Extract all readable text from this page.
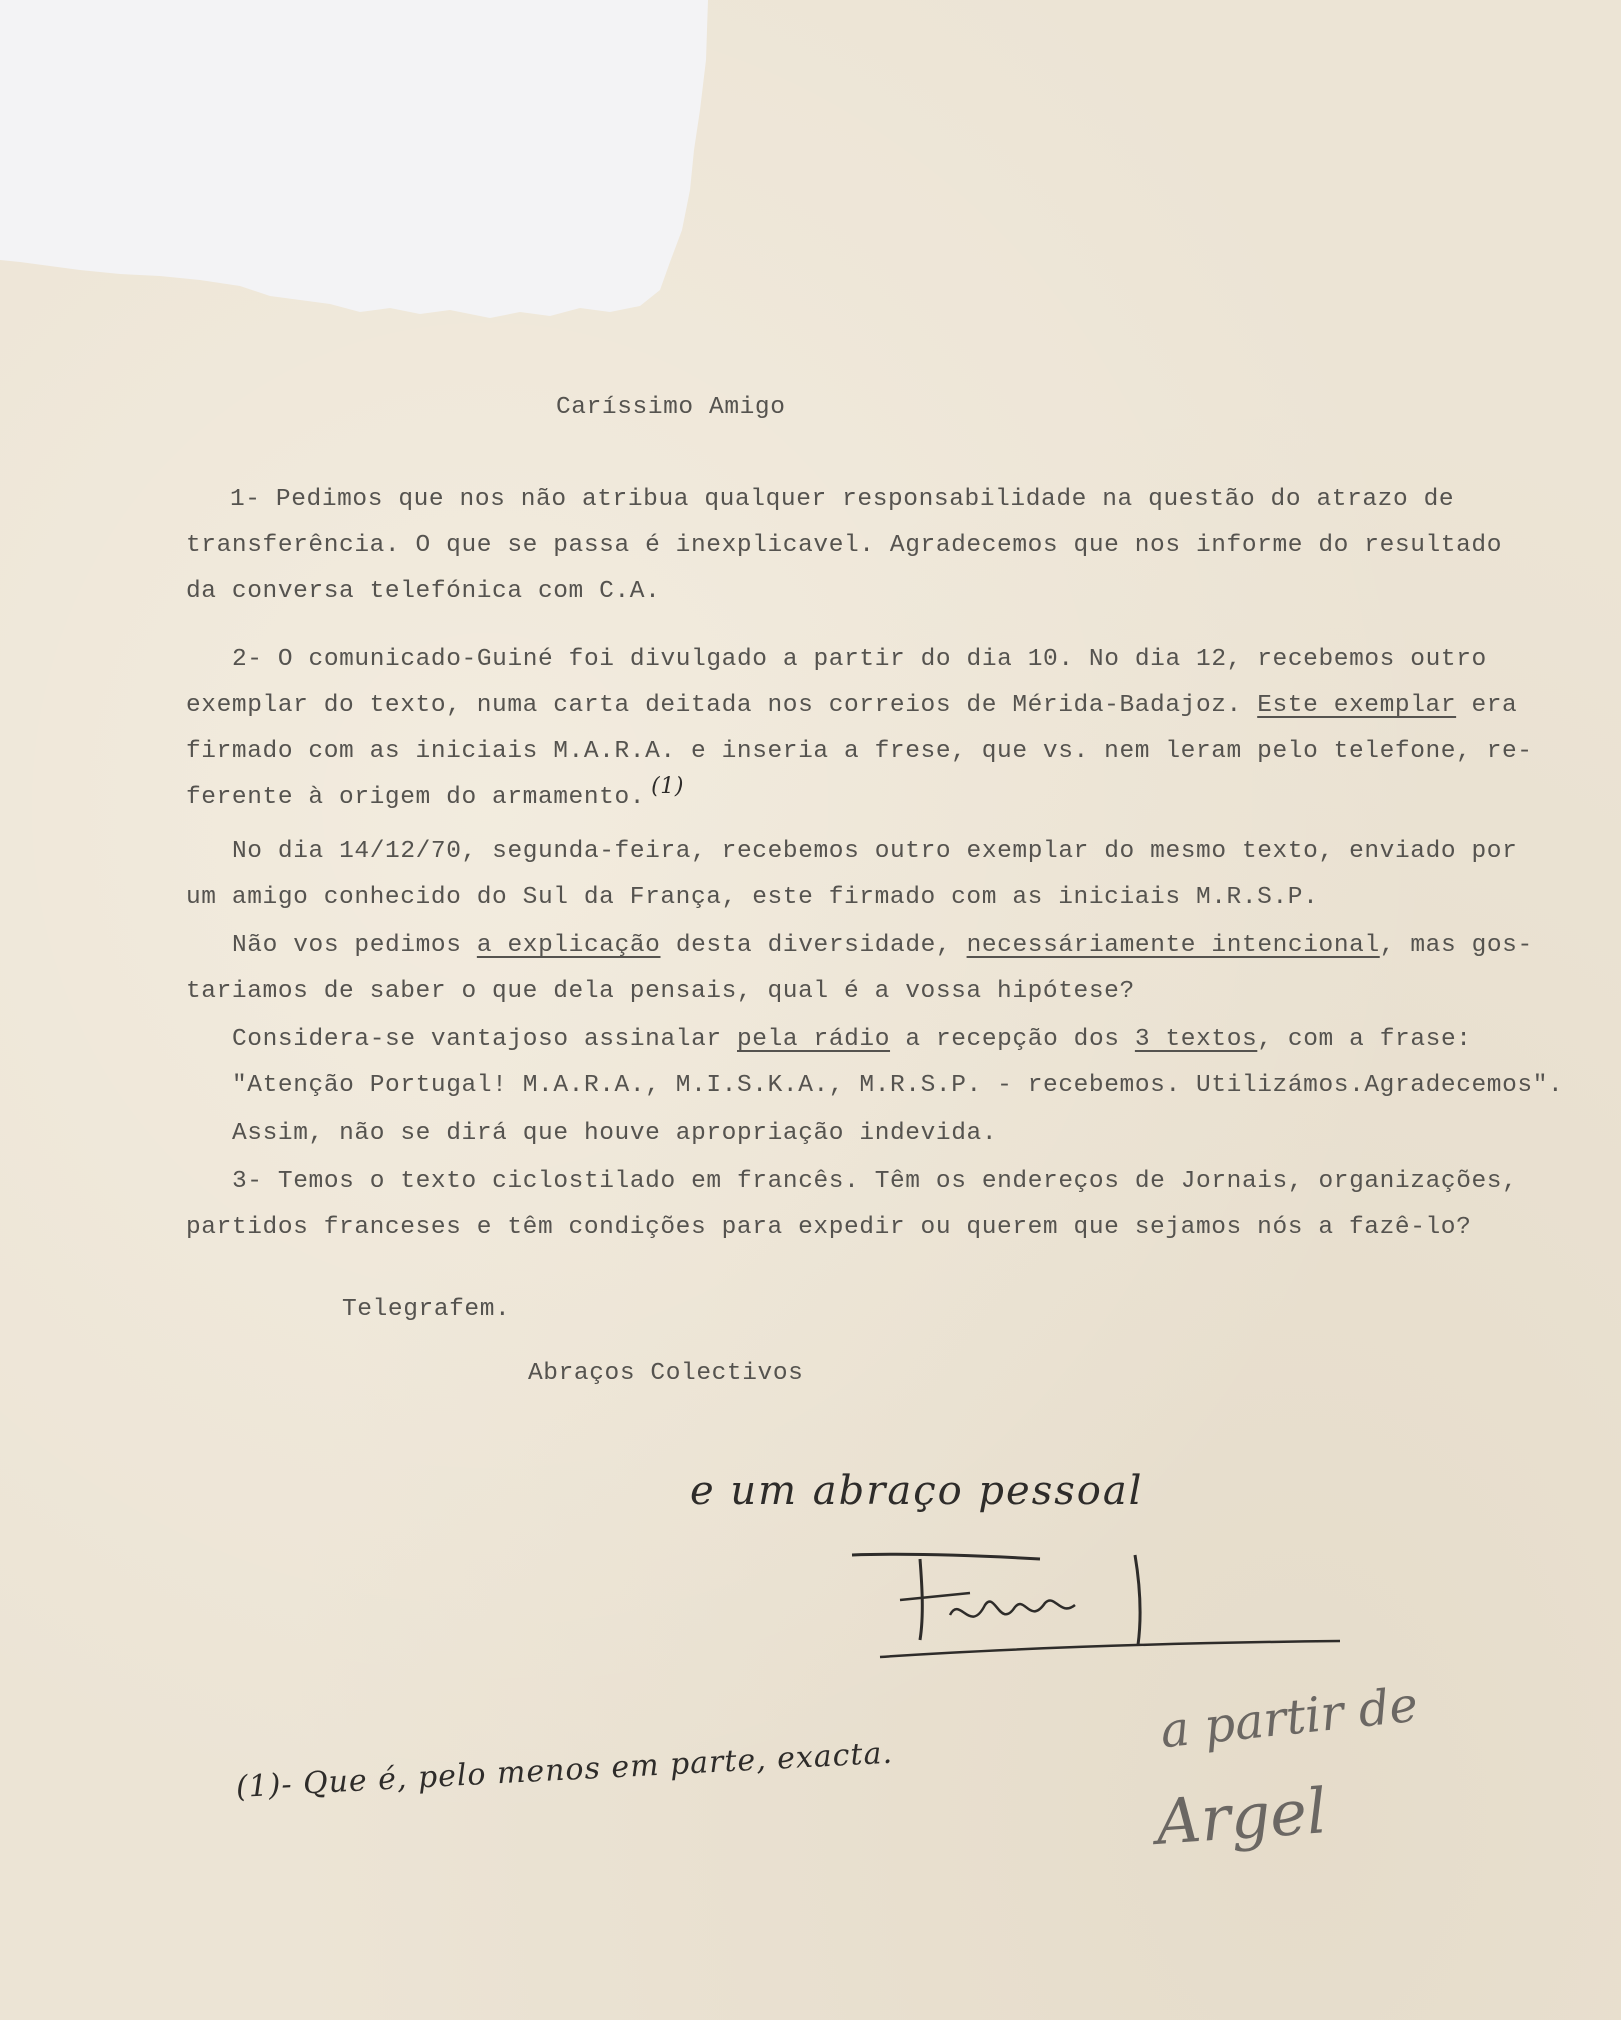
Caríssimo Amigo
1- Pedimos que nos não atribua qualquer responsabilidade na questão do atrazo de
transferência. O que se passa é inexplicavel. Agradecemos que nos informe do resultado
da conversa telefónica com C.A.
2- O comunicado-Guiné foi divulgado a partir do dia 10. No dia 12, recebemos outro
exemplar do texto, numa carta deitada nos correios de Mérida-Badajoz. Este exemplar era
firmado com as iniciais M.A.R.A. e inseria a frese, que vs. nem leram pelo telefone, re-
ferente à origem do armamento. (1)
No dia 14/12/70, segunda-feira, recebemos outro exemplar do mesmo texto, enviado por
um amigo conhecido do Sul da França, este firmado com as iniciais M.R.S.P.
Não vos pedimos a explicação desta diversidade, necessáriamente intencional, mas gos-
tariamos de saber o que dela pensais, qual é a vossa hipótese?
Considera-se vantajoso assinalar pela rádio a recepção dos 3 textos, com a frase:
"Atenção Portugal! M.A.R.A., M.I.S.K.A., M.R.S.P. - recebemos. Utilizámos.Agradecemos".
Assim, não se dirá que houve apropriação indevida.
3- Temos o texto ciclostilado em francês. Têm os endereços de Jornais, organizações,
partidos franceses e têm condições para expedir ou querem que sejamos nós a fazê-lo?
Telegrafem.
Abraços Colectivos
e um abraço pessoal
(1)- Que é, pelo menos em parte, exacta.
a partir de
Argel
